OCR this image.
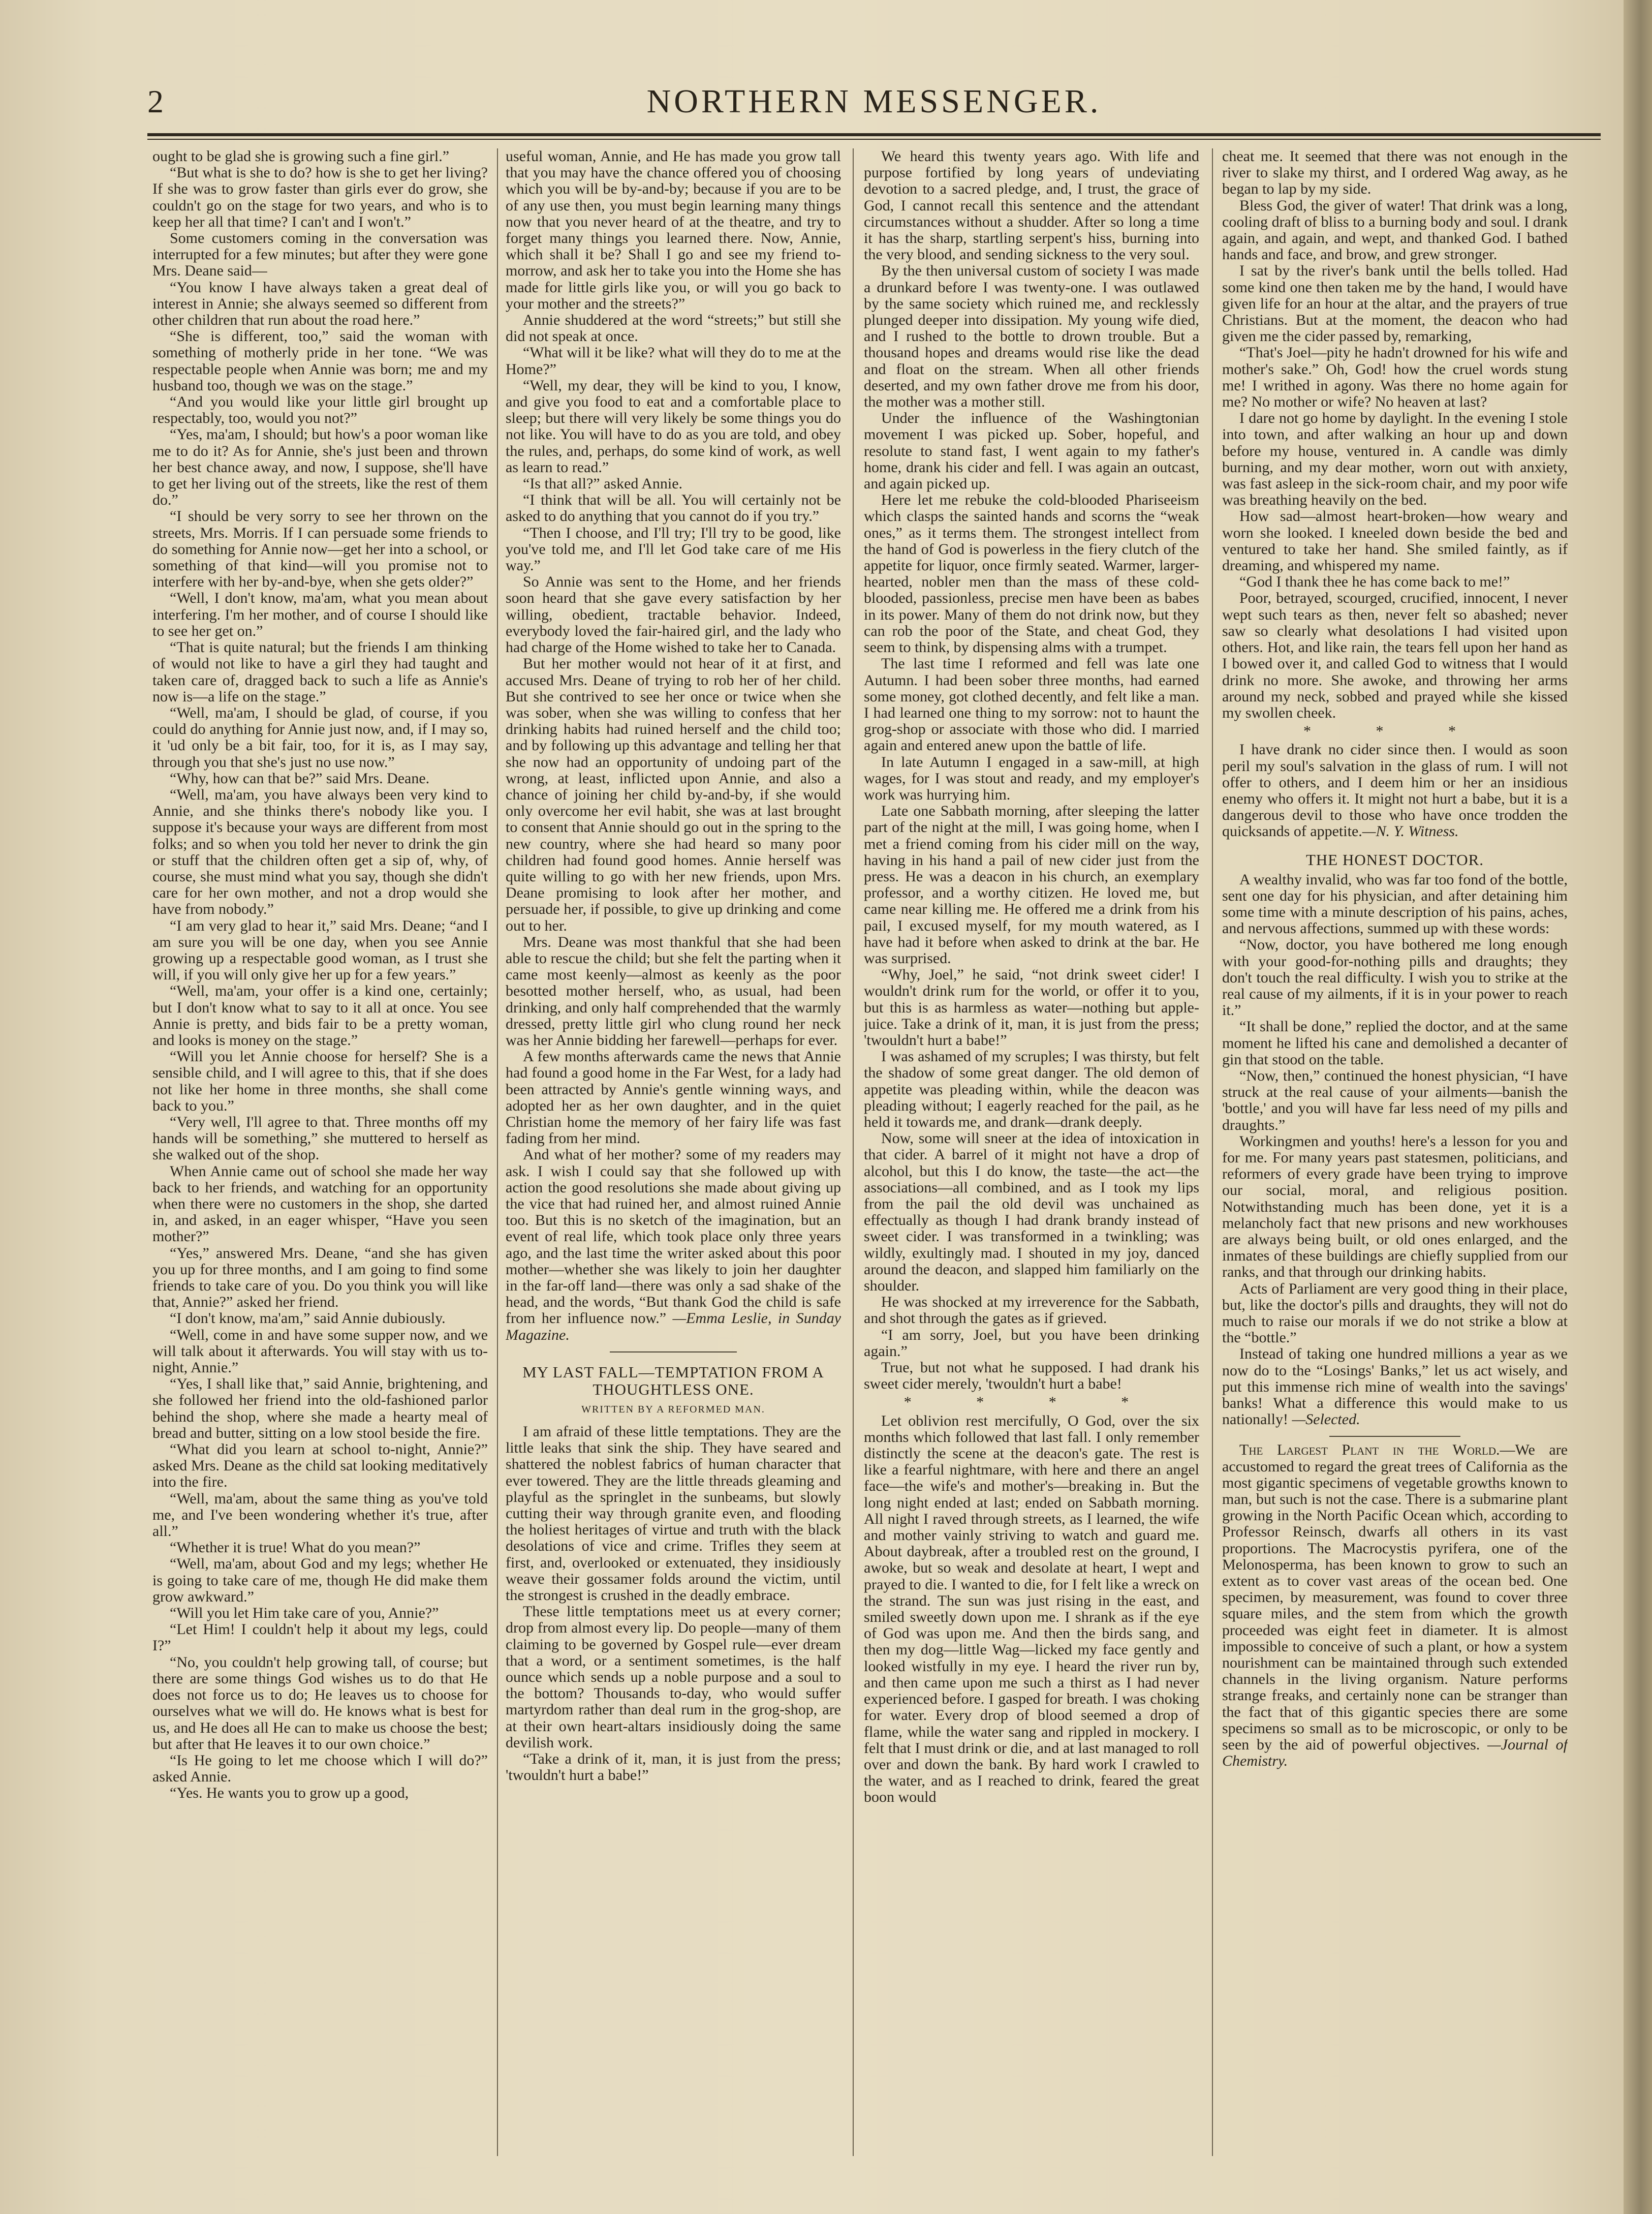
2	NORTHERN MESSENGER.

ought to be glad she is growing such a fine girl.”

“But what is she to do? how is she to get her living? If she was to grow faster than girls ever do grow, she couldn't go on the stage for two years, and who is to keep her all that time? I can't and I won't.”

Some customers coming in the conversation was interrupted for a few minutes; but after they were gone Mrs. Deane said—

“You know I have always taken a great deal of interest in Annie; she always seemed so different from other children that run about the road here.”

“She is different, too,” said the woman with something of motherly pride in her tone. “We was respectable people when Annie was born; me and my husband too, though we was on the stage.”

“And you would like your little girl brought up respectably, too, would you not?”

“Yes, ma'am, I should; but how's a poor woman like me to do it? As for Annie, she's just been and thrown her best chance away, and now, I suppose, she'll have to get her living out of the streets, like the rest of them do.”

“I should be very sorry to see her thrown on the streets, Mrs. Morris. If I can persuade some friends to do something for Annie now—get her into a school, or something of that kind—will you promise not to interfere with her by-and-bye, when she gets older?”

“Well, I don't know, ma'am, what you mean about interfering. I'm her mother, and of course I should like to see her get on.”

“That is quite natural; but the friends I am thinking of would not like to have a girl they had taught and taken care of, dragged back to such a life as Annie's now is—a life on the stage.”

“Well, ma'am, I should be glad, of course, if you could do anything for Annie just now, and, if I may so, it 'ud only be a bit fair, too, for it is, as I may say, through you that she's just no use now.”

“Why, how can that be?” said Mrs. Deane.

“Well, ma'am, you have always been very kind to Annie, and she thinks there's nobody like you. I suppose it's because your ways are different from most folks; and so when you told her never to drink the gin or stuff that the children often get a sip of, why, of course, she must mind what you say, though she didn't care for her own mother, and not a drop would she have from nobody.”

“I am very glad to hear it,” said Mrs. Deane; “and I am sure you will be one day, when you see Annie growing up a respectable good woman, as I trust she will, if you will only give her up for a few years.”

“Well, ma'am, your offer is a kind one, certainly; but I don't know what to say to it all at once. You see Annie is pretty, and bids fair to be a pretty woman, and looks is money on the stage.”

“Will you let Annie choose for herself? She is a sensible child, and I will agree to this, that if she does not like her home in three months, she shall come back to you.”

“Very well, I'll agree to that. Three months off my hands will be something,” she muttered to herself as she walked out of the shop.

When Annie came out of school she made her way back to her friends, and watching for an opportunity when there were no customers in the shop, she darted in, and asked, in an eager whisper, “Have you seen mother?”

“Yes,” answered Mrs. Deane, “and she has given you up for three months, and I am going to find some friends to take care of you. Do you think you will like that, Annie?” asked her friend.

“I don't know, ma'am,” said Annie dubiously.

“Well, come in and have some supper now, and we will talk about it afterwards. You will stay with us to-night, Annie.”

“Yes, I shall like that,” said Annie, brightening, and she followed her friend into the old-fashioned parlor behind the shop, where she made a hearty meal of bread and butter, sitting on a low stool beside the fire.

“What did you learn at school to-night, Annie?” asked Mrs. Deane as the child sat looking meditatively into the fire.

“Well, ma'am, about the same thing as you've told me, and I've been wondering whether it's true, after all.”

“Whether it is true! What do you mean?”

“Well, ma'am, about God and my legs; whether He is going to take care of me, though He did make them grow awkward.”

“Will you let Him take care of you, Annie?”

“Let Him! I couldn't help it about my legs, could I?”

“No, you couldn't help growing tall, of course; but there are some things God wishes us to do that He does not force us to do; He leaves us to choose for ourselves what we will do. He knows what is best for us, and He does all He can to make us choose the best; but after that He leaves it to our own choice.”

“Is He going to let me choose which I will do?” asked Annie.

“Yes. He wants you to grow up a good,

useful woman, Annie, and He has made you grow tall that you may have the chance offered you of choosing which you will be by-and-by; because if you are to be of any use then, you must begin learning many things now that you never heard of at the theatre, and try to forget many things you learned there. Now, Annie, which shall it be? Shall I go and see my friend to-morrow, and ask her to take you into the Home she has made for little girls like you, or will you go back to your mother and the streets?”

Annie shuddered at the word “streets;” but still she did not speak at once.

“What will it be like? what will they do to me at the Home?”

“Well, my dear, they will be kind to you, I know, and give you food to eat and a comfortable place to sleep; but there will very likely be some things you do not like. You will have to do as you are told, and obey the rules, and, perhaps, do some kind of work, as well as learn to read.”

“Is that all?” asked Annie.

“I think that will be all. You will certainly not be asked to do anything that you cannot do if you try.”

“Then I choose, and I'll try; I'll try to be good, like you've told me, and I'll let God take care of me His way.”

So Annie was sent to the Home, and her friends soon heard that she gave every satisfaction by her willing, obedient, tractable behavior. Indeed, everybody loved the fair-haired girl, and the lady who had charge of the Home wished to take her to Canada.

But her mother would not hear of it at first, and accused Mrs. Deane of trying to rob her of her child. But she contrived to see her once or twice when she was sober, when she was willing to confess that her drinking habits had ruined herself and the child too; and by following up this advantage and telling her that she now had an opportunity of undoing part of the wrong, at least, inflicted upon Annie, and also a chance of joining her child by-and-by, if she would only overcome her evil habit, she was at last brought to consent that Annie should go out in the spring to the new country, where she had heard so many poor children had found good homes. Annie herself was quite willing to go with her new friends, upon Mrs. Deane promising to look after her mother, and persuade her, if possible, to give up drinking and come out to her.

Mrs. Deane was most thankful that she had been able to rescue the child; but she felt the parting when it came most keenly—almost as keenly as the poor besotted mother herself, who, as usual, had been drinking, and only half comprehended that the warmly dressed, pretty little girl who clung round her neck was her Annie bidding her farewell—perhaps for ever.

A few months afterwards came the news that Annie had found a good home in the Far West, for a lady had been attracted by Annie's gentle winning ways, and adopted her as her own daughter, and in the quiet Christian home the memory of her fairy life was fast fading from her mind.

And what of her mother? some of my readers may ask. I wish I could say that she followed up with action the good resolutions she made about giving up the vice that had ruined her, and almost ruined Annie too. But this is no sketch of the imagination, but an event of real life, which took place only three years ago, and the last time the writer asked about this poor mother—whether she was likely to join her daughter in the far-off land—there was only a sad shake of the head, and the words, “But thank God the child is safe from her influence now.” —Emma Leslie, in Sunday Magazine.

MY LAST FALL—TEMPTATION FROM A THOUGHTLESS ONE.

WRITTEN BY A REFORMED MAN.

I am afraid of these little temptations. They are the little leaks that sink the ship. They have seared and shattered the noblest fabrics of human character that ever towered. They are the little threads gleaming and playful as the springlet in the sunbeams, but slowly cutting their way through granite even, and flooding the holiest heritages of virtue and truth with the black desolations of vice and crime. Trifles they seem at first, and, overlooked or extenuated, they insidiously weave their gossamer folds around the victim, until the strongest is crushed in the deadly embrace.

These little temptations meet us at every corner; drop from almost every lip. Do people—many of them claiming to be governed by Gospel rule—ever dream that a word, or a sentiment sometimes, is the half ounce which sends up a noble purpose and a soul to the bottom? Thousands to-day, who would suffer martyrdom rather than deal rum in the grog-shop, are at their own heart-altars insidiously doing the same devilish work.

“Take a drink of it, man, it is just from the press; 'twouldn't hurt a babe!”

We heard this twenty years ago. With life and purpose fortified by long years of undeviating devotion to a sacred pledge, and, I trust, the grace of God, I cannot recall this sentence and the attendant circumstances without a shudder. After so long a time it has the sharp, startling serpent's hiss, burning into the very blood, and sending sickness to the very soul.

By the then universal custom of society I was made a drunkard before I was twenty-one. I was outlawed by the same society which ruined me, and recklessly plunged deeper into dissipation. My young wife died, and I rushed to the bottle to drown trouble. But a thousand hopes and dreams would rise like the dead and float on the stream. When all other friends deserted, and my own father drove me from his door, the mother was a mother still.

Under the influence of the Washingtonian movement I was picked up. Sober, hopeful, and resolute to stand fast, I went again to my father's home, drank his cider and fell. I was again an outcast, and again picked up.

Here let me rebuke the cold-blooded Phariseeism which clasps the sainted hands and scorns the “weak ones,” as it terms them. The strongest intellect from the hand of God is powerless in the fiery clutch of the appetite for liquor, once firmly seated. Warmer, larger-hearted, nobler men than the mass of these cold-blooded, passionless, precise men have been as babes in its power. Many of them do not drink now, but they can rob the poor of the State, and cheat God, they seem to think, by dispensing alms with a trumpet.

The last time I reformed and fell was late one Autumn. I had been sober three months, had earned some money, got clothed decently, and felt like a man. I had learned one thing to my sorrow: not to haunt the grog-shop or associate with those who did. I married again and entered anew upon the battle of life.

In late Autumn I engaged in a saw-mill, at high wages, for I was stout and ready, and my employer's work was hurrying him.

Late one Sabbath morning, after sleeping the latter part of the night at the mill, I was going home, when I met a friend coming from his cider mill on the way, having in his hand a pail of new cider just from the press. He was a deacon in his church, an exemplary professor, and a worthy citizen. He loved me, but came near killing me. He offered me a drink from his pail, I excused myself, for my mouth watered, as I have had it before when asked to drink at the bar. He was surprised.

“Why, Joel,” he said, “not drink sweet cider! I wouldn't drink rum for the world, or offer it to you, but this is as harmless as water—nothing but apple-juice. Take a drink of it, man, it is just from the press; 'twouldn't hurt a babe!”

I was ashamed of my scruples; I was thirsty, but felt the shadow of some great danger. The old demon of appetite was pleading within, while the deacon was pleading without; I eagerly reached for the pail, as he held it towards me, and drank—drank deeply.

Now, some will sneer at the idea of intoxication in that cider. A barrel of it might not have a drop of alcohol, but this I do know, the taste—the act—the associations—all combined, and as I took my lips from the pail the old devil was unchained as effectually as though I had drank brandy instead of sweet cider. I was transformed in a twinkling; was wildly, exultingly mad. I shouted in my joy, danced around the deacon, and slapped him familiarly on the shoulder.

He was shocked at my irreverence for the Sabbath, and shot through the gates as if grieved.

“I am sorry, Joel, but you have been drinking again.”

True, but not what he supposed. I had drank his sweet cider merely, 'twouldn't hurt a babe!

* * * *

Let oblivion rest mercifully, O God, over the six months which followed that last fall. I only remember distinctly the scene at the deacon's gate. The rest is like a fearful nightmare, with here and there an angel face—the wife's and mother's—breaking in. But the long night ended at last; ended on Sabbath morning. All night I raved through streets, as I learned, the wife and mother vainly striving to watch and guard me. About daybreak, after a troubled rest on the ground, I awoke, but so weak and desolate at heart, I wept and prayed to die. I wanted to die, for I felt like a wreck on the strand. The sun was just rising in the east, and smiled sweetly down upon me. I shrank as if the eye of God was upon me. And then the birds sang, and then my dog—little Wag—licked my face gently and looked wistfully in my eye. I heard the river run by, and then came upon me such a thirst as I had never experienced before. I gasped for breath. I was choking for water. Every drop of blood seemed a drop of flame, while the water sang and rippled in mockery. I felt that I must drink or die, and at last managed to roll over and down the bank. By hard work I crawled to the water, and as I reached to drink, feared the great boon would

cheat me. It seemed that there was not enough in the river to slake my thirst, and I ordered Wag away, as he began to lap by my side.

Bless God, the giver of water! That drink was a long, cooling draft of bliss to a burning body and soul. I drank again, and again, and wept, and thanked God. I bathed hands and face, and brow, and grew stronger.

I sat by the river's bank until the bells tolled. Had some kind one then taken me by the hand, I would have given life for an hour at the altar, and the prayers of true Christians. But at the moment, the deacon who had given me the cider passed by, remarking,

“That's Joel—pity he hadn't drowned for his wife and mother's sake.” Oh, God! how the cruel words stung me! I writhed in agony. Was there no home again for me? No mother or wife? No heaven at last?

I dare not go home by daylight. In the evening I stole into town, and after walking an hour up and down before my house, ventured in. A candle was dimly burning, and my dear mother, worn out with anxiety, was fast asleep in the sick-room chair, and my poor wife was breathing heavily on the bed.

How sad—almost heart-broken—how weary and worn she looked. I kneeled down beside the bed and ventured to take her hand. She smiled faintly, as if dreaming, and whispered my name.

“God I thank thee he has come back to me!”

Poor, betrayed, scourged, crucified, innocent, I never wept such tears as then, never felt so abashed; never saw so clearly what desolations I had visited upon others. Hot, and like rain, the tears fell upon her hand as I bowed over it, and called God to witness that I would drink no more. She awoke, and throwing her arms around my neck, sobbed and prayed while she kissed my swollen cheek.

* * *

I have drank no cider since then. I would as soon peril my soul's salvation in the glass of rum. I will not offer to others, and I deem him or her an insidious enemy who offers it. It might not hurt a babe, but it is a dangerous devil to those who have once trodden the quicksands of appetite.—N. Y. Witness.

THE HONEST DOCTOR.

A wealthy invalid, who was far too fond of the bottle, sent one day for his physician, and after detaining him some time with a minute description of his pains, aches, and nervous affections, summed up with these words:

“Now, doctor, you have bothered me long enough with your good-for-nothing pills and draughts; they don't touch the real difficulty. I wish you to strike at the real cause of my ailments, if it is in your power to reach it.”

“It shall be done,” replied the doctor, and at the same moment he lifted his cane and demolished a decanter of gin that stood on the table.

“Now, then,” continued the honest physician, “I have struck at the real cause of your ailments—banish the 'bottle,' and you will have far less need of my pills and draughts.”

Workingmen and youths! here's a lesson for you and for me. For many years past statesmen, politicians, and reformers of every grade have been trying to improve our social, moral, and religious position. Notwithstanding much has been done, yet it is a melancholy fact that new prisons and new workhouses are always being built, or old ones enlarged, and the inmates of these buildings are chiefly supplied from our ranks, and that through our drinking habits.

Acts of Parliament are very good thing in their place, but, like the doctor's pills and draughts, they will not do much to raise our morals if we do not strike a blow at the “bottle.”

Instead of taking one hundred millions a year as we now do to the “Losings' Banks,” let us act wisely, and put this immense rich mine of wealth into the savings' banks! What a difference this would make to us nationally! —Selected.

The Largest Plant in the World.—We are accustomed to regard the great trees of California as the most gigantic specimens of vegetable growths known to man, but such is not the case. There is a submarine plant growing in the North Pacific Ocean which, according to Professor Reinsch, dwarfs all others in its vast proportions. The Macrocystis pyrifera, one of the Melonosperma, has been known to grow to such an extent as to cover vast areas of the ocean bed. One specimen, by measurement, was found to cover three square miles, and the stem from which the growth proceeded was eight feet in diameter. It is almost impossible to conceive of such a plant, or how a system nourishment can be maintained through such extended channels in the living organism. Nature performs strange freaks, and certainly none can be stranger than the fact that of this gigantic species there are some specimens so small as to be microscopic, or only to be seen by the aid of powerful objectives. —Journal of Chemistry.
